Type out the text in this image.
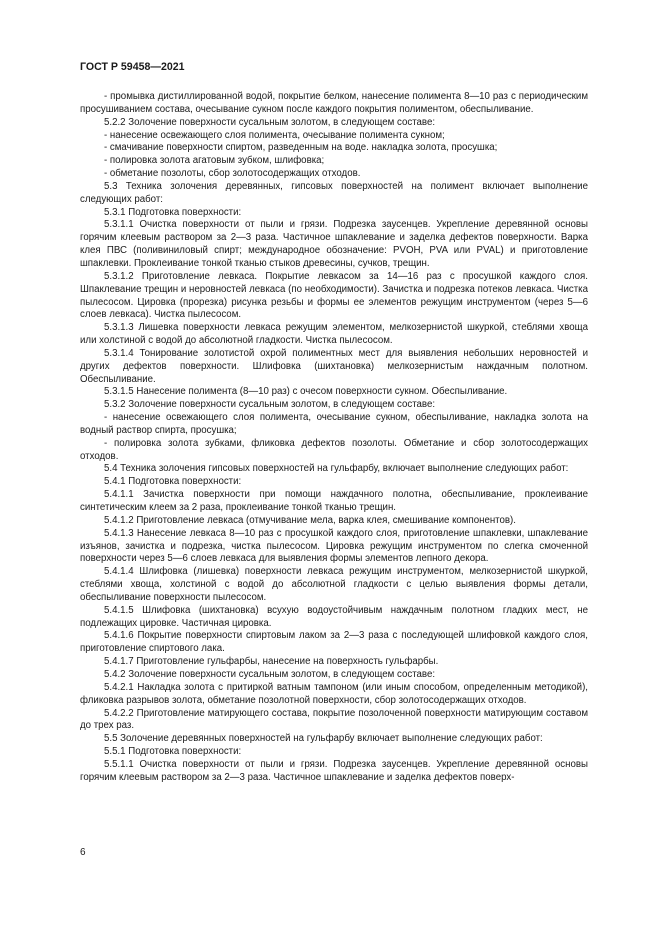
ГОСТ Р 59458—2021

- промывка дистиллированной водой, покрытие белком, нанесение полимента 8—10 раз с периодическим просушиванием состава, очесывание сукном после каждого покрытия полиментом, обеспыливание.

5.2.2 Золочение поверхности сусальным золотом, в следующем составе:

- нанесение освежающего слоя полимента, очесывание полимента сукном;

- смачивание поверхности спиртом, разведенным на воде. накладка золота, просушка;

- полировка золота агатовым зубком, шлифовка;

- обметание позолоты, сбор золотосодержащих отходов.

5.3 Техника золочения деревянных, гипсовых поверхностей на полимент включает выполнение следующих работ:

5.3.1 Подготовка поверхности:

5.3.1.1 Очистка поверхности от пыли и грязи. Подрезка заусенцев. Укрепление деревянной основы горячим клеевым раствором за 2—3 раза. Частичное шпаклевание и заделка дефектов поверхности. Варка клея ПВС (поливиниловый спирт; международное обозначение: PVOH, PVA или PVAL) и приготовление шпаклевки. Проклеивание тонкой тканью стыков древесины, сучков, трещин.

5.3.1.2 Приготовление левкаса. Покрытие левкасом за 14—16 раз с просушкой каждого слоя. Шпаклевание трещин и неровностей левкаса (по необходимости). Зачистка и подрезка потеков левкаса. Чистка пылесосом. Цировка (прорезка) рисунка резьбы и формы ее элементов режущим инструментом (через 5—6 слоев левкаса). Чистка пылесосом.

5.3.1.3 Лишевка поверхности левкаса режущим элементом, мелкозернистой шкуркой, стеблями хвоща или холстиной с водой до абсолютной гладкости. Чистка пылесосом.

5.3.1.4 Тонирование золотистой охрой полиментных мест для выявления небольших неровностей и других дефектов поверхности. Шлифовка (шихтановка) мелкозернистым наждачным полотном. Обеспыливание.

5.3.1.5 Нанесение полимента (8—10 раз) с очесом поверхности сукном. Обеспыливание.

5.3.2 Золочение поверхности сусальным золотом, в следующем составе:

- нанесение освежающего слоя полимента, очесывание сукном, обеспыливание, накладка золота на водный раствор спирта, просушка;

- полировка золота зубками, фликовка дефектов позолоты. Обметание и сбор золотосодержащих отходов.

5.4 Техника золочения гипсовых поверхностей на гульфарбу, включает выполнение следующих работ:

5.4.1 Подготовка поверхности:

5.4.1.1 Зачистка поверхности при помощи наждачного полотна, обеспыливание, проклеивание синтетическим клеем за 2 раза, проклеивание тонкой тканью трещин.

5.4.1.2 Приготовление левкаса (отмучивание мела, варка клея, смешивание компонентов).

5.4.1.3 Нанесение левкаса 8—10 раз с просушкой каждого слоя, приготовление шпаклевки, шпаклевание изъянов, зачистка и подрезка, чистка пылесосом. Цировка режущим инструментом по слегка смоченной поверхности через 5—6 слоев левкаса для выявления формы элементов лепного декора.

5.4.1.4 Шлифовка (лишевка) поверхности левкаса режущим инструментом, мелкозернистой шкуркой, стеблями хвоща, холстиной с водой до абсолютной гладкости с целью выявления формы детали, обеспыливание поверхности пылесосом.

5.4.1.5 Шлифовка (шихтановка) всухую водоустойчивым наждачным полотном гладких мест, не подлежащих цировке. Частичная цировка.

5.4.1.6 Покрытие поверхности спиртовым лаком за 2—3 раза с последующей шлифовкой каждого слоя, приготовление спиртового лака.

5.4.1.7 Приготовление гульфарбы, нанесение на поверхность гульфарбы.

5.4.2 Золочение поверхности сусальным золотом, в следующем составе:

5.4.2.1 Накладка золота с притиркой ватным тампоном (или иным способом, определенным методикой), фликовка разрывов золота, обметание позолотной поверхности, сбор золотосодержащих отходов.

5.4.2.2 Приготовление матирующего состава, покрытие позолоченной поверхности матирующим составом до трех раз.

5.5 Золочение деревянных поверхностей на гульфарбу включает выполнение следующих работ:

5.5.1 Подготовка поверхности:

5.5.1.1 Очистка поверхности от пыли и грязи. Подрезка заусенцев. Укрепление деревянной основы горячим клеевым раствором за 2—3 раза. Частичное шпаклевание и заделка дефектов поверх-

6
